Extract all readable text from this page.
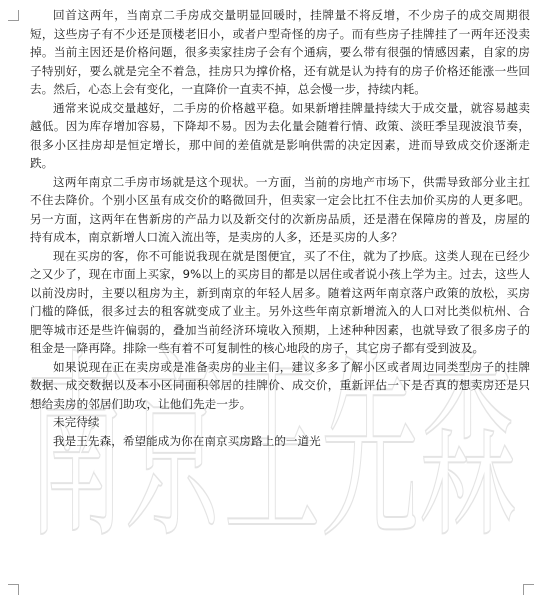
南京王先森

回首这两年，当南京二手房成交量明显回暖时，挂牌量不将反增，不少房子的成交周期很短，这些房子有不少还是顶楼老旧小，或者户型奇怪的房子。而有些房子挂牌挂了一两年还没卖掉。当前主因还是价格问题，很多卖家挂房子会有个通病，要么带有很强的情感因素，自家的房子特别好，要么就是完全不着急，挂房只为撑价格，还有就是认为持有的房子价格还能涨一些回去。然后，心态上会有变化，一直降价一直卖不掉，总会慢一步，持续内耗。

通常来说成交量越好，二手房的价格越平稳。如果新增挂牌量持续大于成交量，就容易越卖越低。因为库存增加容易，下降却不易。因为去化量会随着行情、政策、淡旺季呈现波浪节奏，很多小区挂房却是恒定增长，那中间的差值就是影响供需的决定因素，进而导致成交价逐渐走跌。

这两年南京二手房市场就是这个现状。一方面，当前的房地产市场下，供需导致部分业主扛不住去降价。个别小区虽有成交价的略微回升，但卖家一定会比扛不住去加价买房的人更多吧。另一方面，这两年在售新房的产品力以及新交付的次新房品质，还是潜在保障房的普及，房屋的持有成本，南京新增人口流入流出等，是卖房的人多，还是买房的人多？

现在买房的客，你不可能说我现在就是图便宜，买了不住，就为了抄底。这类人现在已经少之又少了，现在市面上买家，9%以上的买房目的都是以居住或者说小孩上学为主。过去，这些人以前没房时，主要以租房为主，新到南京的年轻人居多。随着这两年南京落户政策的放松，买房门槛的降低，很多过去的租客就变成了业主。另外这些年南京新增流入的人口对比类似杭州、合肥等城市还是些许偏弱的，叠加当前经济环境收入预期，上述种种因素，也就导致了很多房子的租金是一降再降。排除一些有着不可复制性的核心地段的房子，其它房子都有受到波及。

如果说现在正在卖房或是准备卖房的业主们，建议多多了解小区或者周边同类型房子的挂牌数据、成交数据以及本小区同面积邻居的挂牌价、成交价，重新评估一下是否真的想卖房还是只想给卖房的邻居们助攻，让他们先走一步。

未完待续

我是王先森，希望能成为你在南京买房路上的一道光
